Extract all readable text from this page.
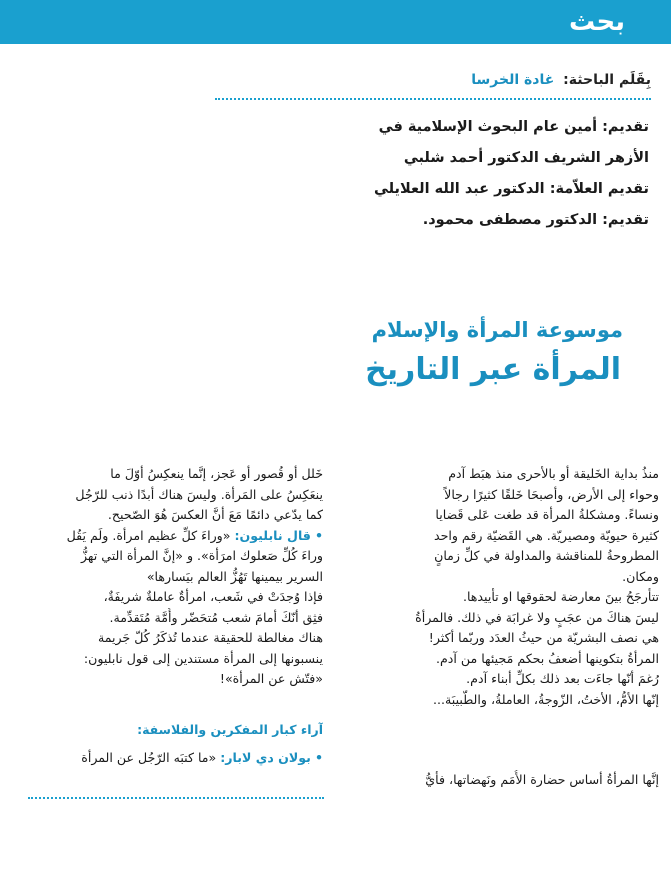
بحث
بِقَلَم الباحثة: غادة الخرسا
تقديم: أمين عام البحوث الإسلامية في
الأزهر الشريف الدكتور أحمد شلبي
تقديم العلاّمة: الدكتور عبد الله العلايلي
تقديم: الدكتور مصطفى محمود.
موسوعة المرأة والإسلام
المرأة عبر التاريخ

منذُ بداية الخَليقة أو بالأحرى منذ هبَط آدم

وحواء إلى الأرض، وأصبحَا خَلقًا كثيرًا رجالاً

ونساءً. ومشكلةُ المرأة قد طغت عَلى قَضايا

كثيرة حيويّة ومصيريّة. هي القَضيّة رقم واحد

المطروحةُ للمناقشة والمداولة في كلِّ زمانٍ

ومكان.

تتأرجَحُ بينَ معارضة لحقوقها او تأييدها.

ليسَ هناكَ من عجَبٍ ولا غرابَة في ذلك. فالمرأةُ

هي نصف البشريّة من حيثُ العدَد وربّما أكثر!

المرأةُ بتكوينها أضعفُ بحكم مَجيئها من آدم.

رُغمَ أنّها جاءَت بعد ذلك بكلِّ أبناء آدم.

إنّها الأمُّ، الأختُ، الزّوجةُ، العاملةُ، والطّبيبَة...

إنَّها المرأةُ أساس حضارة الأُمَم ونَهضاتها، فأيُّ

خَلل أو قُصور أو عَجز، إنَّما ينعكِسُ أوّلَ ما

ينعَكِسُ على المَرأة. وليسَ هناك أبدًا ذنب للرّجُل

كما يدّعي دائمًا مَعَ أنَّ العكسَ هُوَ الصّحيح.

• قال نابليون: «وراءَ كلِّ عظيم امرأة. ولَم يَقُل

وراءَ كُلِّ صَعلوك امرَأة». و «إنَّ المرأة التي تهزُّ

السرير بيمينها تَهُزُّ العالم بيَسارها»

فإذا وُجدَتْ في شَعب، امرأةٌ عاملةٌ شريفَةٌ،

فثِق أنّكَ أمامَ شعب مُتحَضّر وأُمَّة مُتَقدِّمة.

هناك مغالطة للحقيقة عندما تُذكَرُ كُلّ جَريمة

ينسبونها إلى المرأة مستندين إلى قول نابليون:

«فتّش عن المرأة»!

آراء كبار المفكرين والفلاسفة:

• بولان دي لابار: «ما كتبَه الرّجُل عن المرأة
